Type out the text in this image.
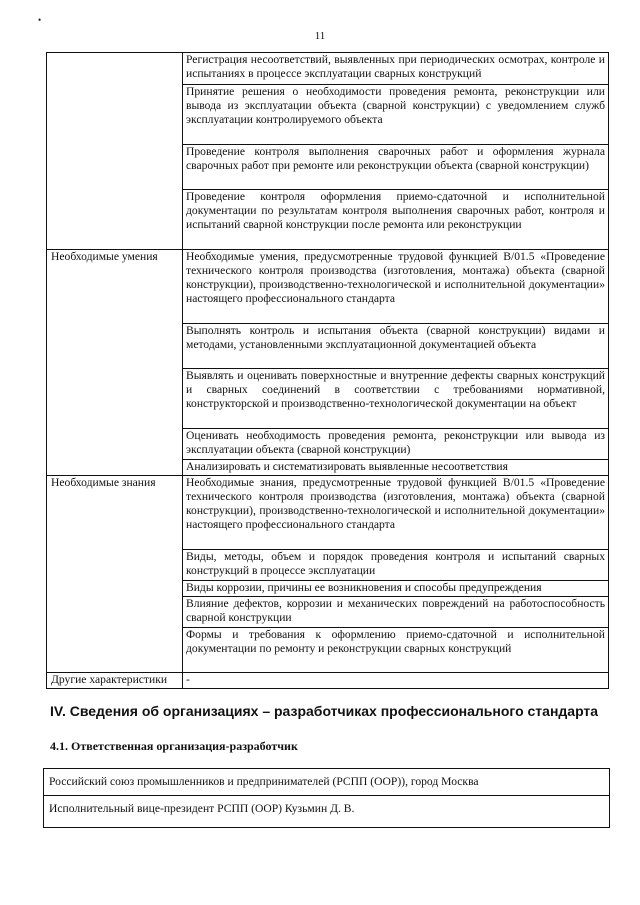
•
11
	Регистрация несоответствий, выявленных при периодических осмотрах, контроле и испытаниях в процессе эксплуатации сварных конструкций
	Принятие решения о необходимости проведения ремонта, реконструкции или вывода из эксплуатации объекта (сварной конструкции) с уведомлением служб эксплуатации контролируемого объекта
	Проведение контроля выполнения сварочных работ и оформления журнала сварочных работ при ремонте или реконструкции объекта (сварной конструкции)
	Проведение контроля оформления приемо-сдаточной и исполнительной документации по результатам контроля выполнения сварочных работ, контроля и испытаний сварной конструкции после ремонта или реконструкции
Необходимые умения	Необходимые умения, предусмотренные трудовой функцией В/01.5 «Проведение технического контроля производства (изготовления, монтажа) объекта (сварной конструкции), производственно-технологической и исполнительной документации» настоящего профессионального стандарта
	Выполнять контроль и испытания объекта (сварной конструкции) видами и методами, установленными эксплуатационной документацией объекта
	Выявлять и оценивать поверхностные и внутренние дефекты сварных конструкций и сварных соединений в соответствии с требованиями нормативной, конструкторской и производственно-технологической документации на объект
	Оценивать необходимость проведения ремонта, реконструкции или вывода из эксплуатации объекта (сварной конструкции)
	Анализировать и систематизировать выявленные несоответствия
Необходимые знания	Необходимые знания, предусмотренные трудовой функцией В/01.5 «Проведение технического контроля производства (изготовления, монтажа) объекта (сварной конструкции), производственно-технологической и исполнительной документации» настоящего профессионального стандарта
	Виды, методы, объем и порядок проведения контроля и испытаний сварных конструкций в процессе эксплуатации
	Виды коррозии, причины ее возникновения и способы предупреждения
	Влияние дефектов, коррозии и механических повреждений на работоспособность сварной конструкции
	Формы и требования к оформлению приемо-сдаточной и исполнительной документации по ремонту и реконструкции сварных конструкций
Другие характеристики	-
IV. Сведения об организациях – разработчиках профессионального стандарта
4.1. Ответственная организация-разработчик
Российский союз промышленников и предпринимателей (РСПП (ООР)), город Москва
Исполнительный вице-президент РСПП (ООР) Кузьмин Д. В.
